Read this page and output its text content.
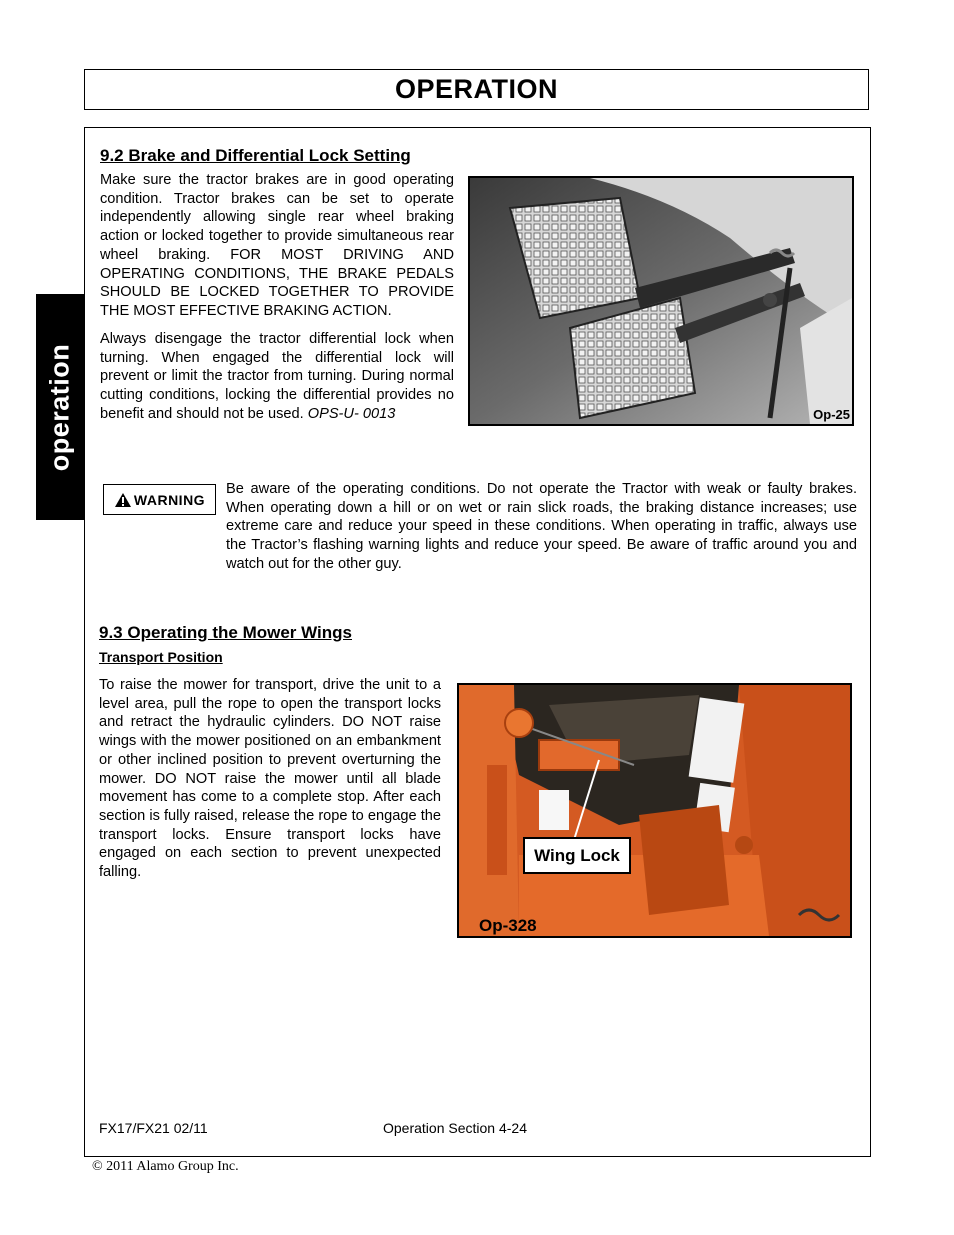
OPERATION
operation
9.2 Brake and Differential Lock Setting

Make sure the tractor brakes are in good operating condition. Tractor brakes can be set to operate independently allowing single rear wheel braking action or locked together to provide simultaneous rear wheel braking. FOR MOST DRIVING AND OPERATING CONDITIONS, THE BRAKE PEDALS SHOULD BE LOCKED TOGETHER TO PROVIDE THE MOST EFFECTIVE BRAKING ACTION.

Always disengage the tractor differential lock when turning. When engaged the differential lock will prevent or limit the tractor from turning. During normal cutting conditions, locking the differential provides no benefit and should not be used. OPS-U- 0013	Op-25
WARNING

Be aware of the operating conditions. Do not operate the Tractor with weak or faulty brakes. When operating down a hill or on wet or rain slick roads, the braking distance increases; use extreme care and reduce your speed in these conditions. When operating in traffic, always use the Tractor’s flashing warning lights and reduce your speed. Be aware of traffic around you and watch out for the other guy.

9.3 Operating the Mower Wings
Transport Position

To raise the mower for transport, drive the unit to a level area, pull the rope to open the transport locks and retract the hydraulic cylinders. DO NOT raise wings with the mower positioned on an embankment or other inclined position to prevent overturning the mower. DO NOT raise the mower until all blade movement has come to a complete stop. After each section is fully raised, release the rope to engage the transport locks. Ensure transport locks have engaged on each section to prevent unexpected falling.

Op-328
Wing Lock

FX17/FX21 02/11	Operation Section 4-24

© 2011 Alamo Group Inc.
